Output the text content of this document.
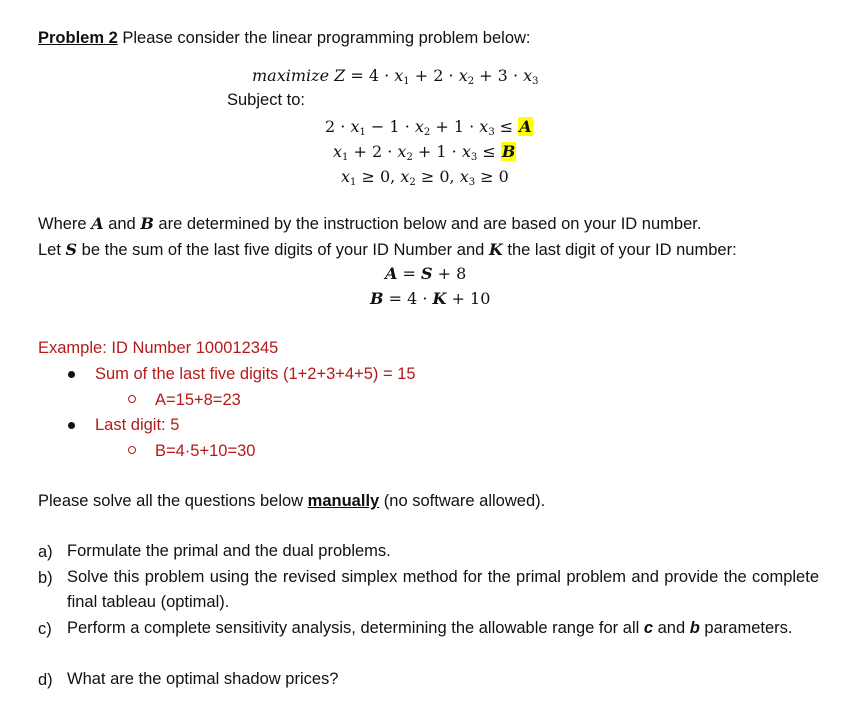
Problem 2 Please consider the linear programming problem below:
maximize $Z = 4 \cdot x_1 + 2 \cdot x_2 + 3 \cdot x_3$
Subject to:
$2 \cdot x_1 - 1 \cdot x_2 + 1 \cdot x_3 \le A$
$x_1 + 2 \cdot x_2 + 1 \cdot x_3 \le B$
$x_1 \ge 0$, $x_2 \ge 0$, $x_3 \ge 0$
Where A and B are determined by the instruction below and are based on your ID number.
Let S be the sum of the last five digits of your ID Number and K the last digit of your ID number:
A = S + 8
B = 4 · K + 10
Example: ID Number 100012345
Sum of the last five digits (1+2+3+4+5) = 15
A=15+8=23
Last digit: 5
B=4·5+10=30
Please solve all the questions below manually (no software allowed).
a) Formulate the primal and the dual problems.
b) Solve this problem using the revised simplex method for the primal problem and provide the complete final tableau (optimal).
c) Perform a complete sensitivity analysis, determining the allowable range for all c and b parameters.
d) What are the optimal shadow prices?
